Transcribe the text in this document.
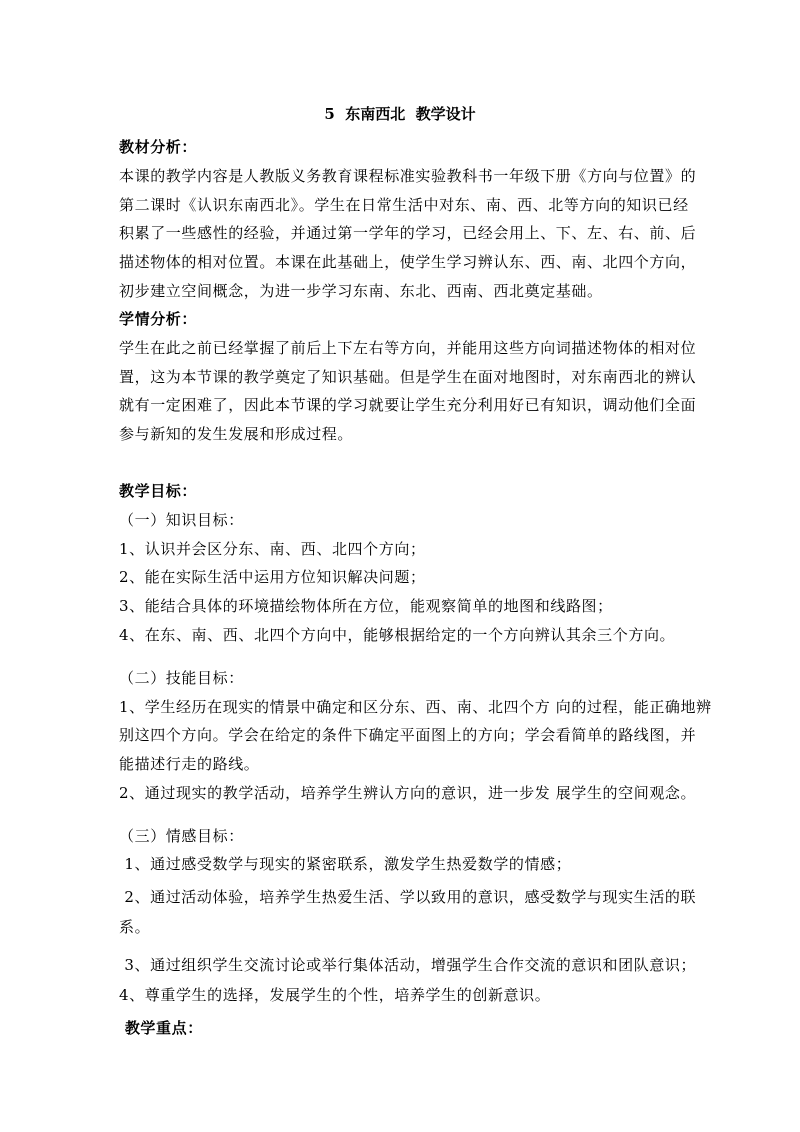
5  东南西北  教学设计
教材分析：
本课的教学内容是人教版义务教育课程标准实验教科书一年级下册《方向与位置》的
第二课时《认识东南西北》。学生在日常生活中对东、南、西、北等方向的知识已经
积累了一些感性的经验，并通过第一学年的学习，已经会用上、下、左、右、前、后
描述物体的相对位置。本课在此基础上，使学生学习辨认东、西、南、北四个方向，
初步建立空间概念，为进一步学习东南、东北、西南、西北奠定基础。
学情分析：
学生在此之前已经掌握了前后上下左右等方向，并能用这些方向词描述物体的相对位
置，这为本节课的教学奠定了知识基础。但是学生在面对地图时，对东南西北的辨认
就有一定困难了，因此本节课的学习就要让学生充分利用好已有知识，调动他们全面
参与新知的发生发展和形成过程。
教学目标：
（一）知识目标：
1、认识并会区分东、南、西、北四个方向；
2、能在实际生活中运用方位知识解决问题；
3、能结合具体的环境描绘物体所在方位，能观察简单的地图和线路图；
4、在东、南、西、北四个方向中，能够根据给定的一个方向辨认其余三个方向。
（二）技能目标：
1、学生经历在现实的情景中确定和区分东、西、南、北四个方 向的过程，能正确地辨
别这四个方向。学会在给定的条件下确定平面图上的方向；学会看简单的路线图，并
能描述行走的路线。
2、通过现实的教学活动，培养学生辨认方向的意识，进一步发 展学生的空间观念。
（三）情感目标：
1、通过感受数学与现实的紧密联系，激发学生热爱数学的情感；
2、通过活动体验，培养学生热爱生活、学以致用的意识，感受数学与现实生活的联
系。
3、通过组织学生交流讨论或举行集体活动，增强学生合作交流的意识和团队意识；
4、尊重学生的选择，发展学生的个性，培养学生的创新意识。
教学重点：
